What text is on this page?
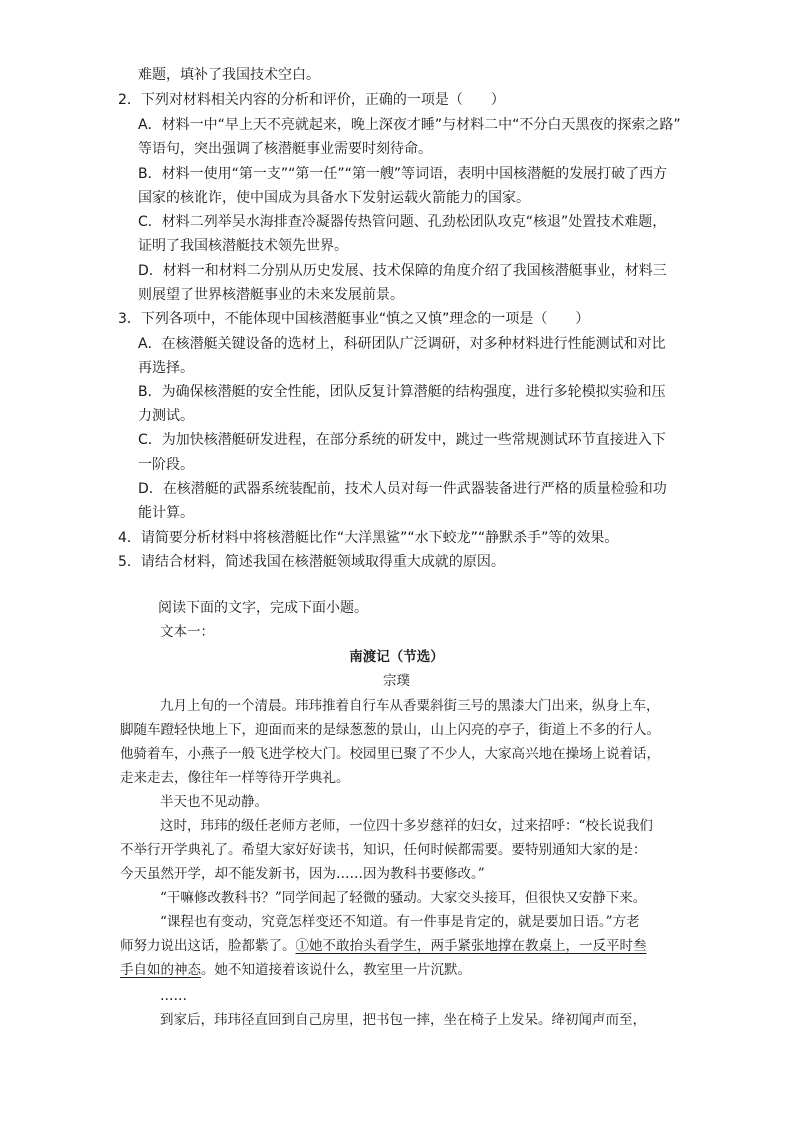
难题，填补了我国技术空白。
2．下列对材料相关内容的分析和评价，正确的一项是（　　）
A．材料一中“早上天不亮就起来，晚上深夜才睡”与材料二中“不分白天黑夜的探索之路”
等语句，突出强调了核潜艇事业需要时刻待命。
B．材料一使用“第一支”“第一任”“第一艘”等词语，表明中国核潜艇的发展打破了西方
国家的核讹诈，使中国成为具备水下发射运载火箭能力的国家。
C．材料二列举吴水海排查冷凝器传热管问题、孔劲松团队攻克“核退”处置技术难题，
证明了我国核潜艇技术领先世界。
D．材料一和材料二分别从历史发展、技术保障的角度介绍了我国核潜艇事业，材料三
则展望了世界核潜艇事业的未来发展前景。
3．下列各项中，不能体现中国核潜艇事业“慎之又慎”理念的一项是（　　）
A．在核潜艇关键设备的选材上，科研团队广泛调研，对多种材料进行性能测试和对比
再选择。
B．为确保核潜艇的安全性能，团队反复计算潜艇的结构强度，进行多轮模拟实验和压
力测试。
C．为加快核潜艇研发进程，在部分系统的研发中，跳过一些常规测试环节直接进入下
一阶段。
D．在核潜艇的武器系统装配前，技术人员对每一件武器装备进行严格的质量检验和功
能计算。
4．请简要分析材料中将核潜艇比作“大洋黑鲨”“水下蛟龙”“静默杀手”等的效果。
5．请结合材料，简述我国在核潜艇领域取得重大成就的原因。
阅读下面的文字，完成下面小题。
文本一：
南渡记（节选）
宗璞
九月上旬的一个清晨。玮玮推着自行车从香粟斜街三号的黑漆大门出来，纵身上车，
脚随车蹬轻快地上下，迎面而来的是绿葱葱的景山，山上闪亮的亭子，街道上不多的行人。
他骑着车，小燕子一般飞进学校大门。校园里已聚了不少人，大家高兴地在操场上说着话，
走来走去，像往年一样等待开学典礼。
半天也不见动静。
这时，玮玮的级任老师方老师，一位四十多岁慈祥的妇女，过来招呼：“校长说我们
不举行开学典礼了。希望大家好好读书，知识，任何时候都需要。要特别通知大家的是：
今天虽然开学，却不能发新书，因为……因为教科书要修改。”
“干嘛修改教科书？”同学间起了轻微的骚动。大家交头接耳，但很快又安静下来。
“课程也有变动，究竟怎样变还不知道。有一件事是肯定的，就是要加日语。”方老
师努力说出这话，脸都紫了。①她不敢抬头看学生，两手紧张地撑在教桌上，一反平时叁
手自如的神态。她不知道接着该说什么，教室里一片沉默。
……
到家后，玮玮径直回到自己房里，把书包一摔，坐在椅子上发呆。绛初闻声而至，
